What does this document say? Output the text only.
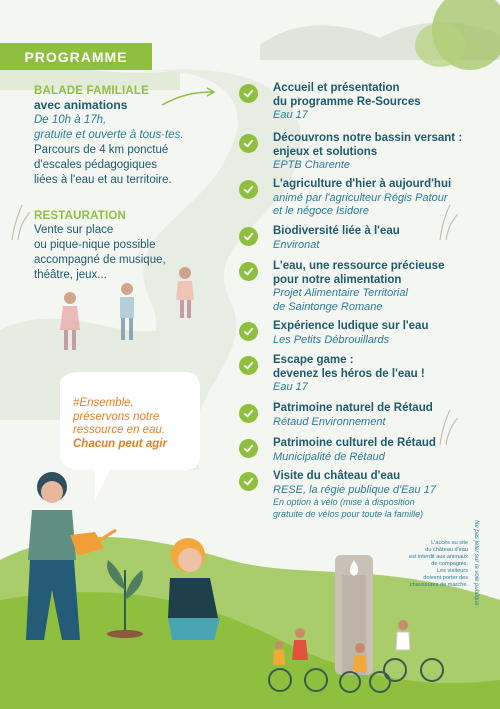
PROGRAMME
BALADE FAMILIALE
avec animations
De 10h à 17h,
gratuite et ouverte à tous·tes.
Parcours de 4 km ponctué
d'escales pédagogiques
liées à l'eau et au territoire.
RESTAURATION
Vente sur place
ou pique-nique possible
accompagné de musique,
théâtre, jeux...
Accueil et présentation
du programme Re-Sources
Eau 17
Découvrons notre bassin versant :
enjeux et solutions
EPTB Charente
L'agriculture d'hier à aujourd'hui
animé par l'agriculteur Régis Patour
et le négoce Isidore
Biodiversité liée à l'eau
Environat
L'eau, une ressource précieuse
pour notre alimentation
Projet Alimentaire Territorial
de Saintonge Romane
Expérience ludique sur l'eau
Les Petits Débrouillards
Escape game :
devenez les héros de l'eau !
Eau 17
Patrimoine naturel de Rétaud
Rétaud Environnement
Patrimoine culturel de Rétaud
Municipalité de Rétaud
Visite du château d'eau
RESE, la régie publique d'Eau 17
En option à vélo (mise à disposition
gratuite de vélos pour toute la famille)
#Ensemble,
préservons notre
ressource en eau.
Chacun peut agir
L'accès au site
du château d'eau
est interdit aux animaux
de compagnie.
Les visiteurs
doivent porter des
chaussures de marche. Ne pas jeter sur la voie publique
